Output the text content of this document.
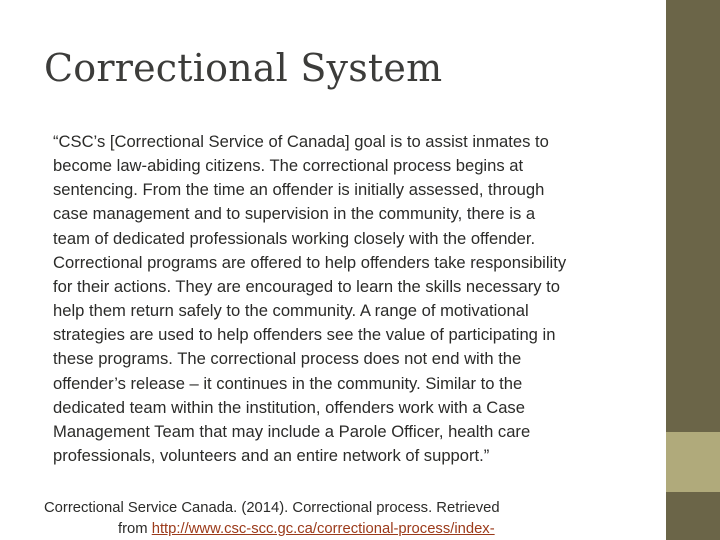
Correctional System

“CSC’s [Correctional Service of Canada] goal is to assist inmates to
become law-abiding citizens. The correctional process begins at
sentencing. From the time an offender is initially assessed, through
case management and to supervision in the community, there is a
team of dedicated professionals working closely with the offender.
Correctional programs are offered to help offenders take responsibility
for their actions. They are encouraged to learn the skills necessary to
help them return safely to the community. A range of motivational
strategies are used to help offenders see the value of participating in
these programs. The correctional process does not end with the
offender’s release – it continues in the community. Similar to the
dedicated team within the institution, offenders work with a Case
Management Team that may include a Parole Officer, health care
professionals, volunteers and an entire network of support.”

Correctional Service Canada. (2014). Correctional process. Retrieved
from http://www.csc-scc.gc.ca/correctional-process/index-
